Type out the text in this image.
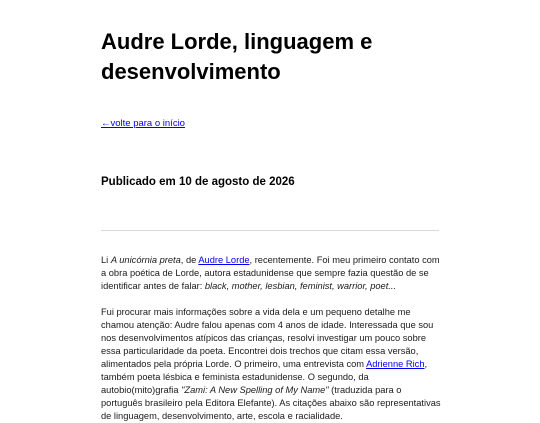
Audre Lorde, linguagem e desenvolvimento
←volte para o início

Publicado em 10 de agosto de 2026

Li A unicórnia preta, de Audre Lorde, recentemente. Foi meu primeiro contato com a obra poética de Lorde, autora estadunidense que sempre fazia questão de se identificar antes de falar: black, mother, lesbian, feminist, warrior, poet...

Fui procurar mais informações sobre a vida dela e um pequeno detalhe me chamou atenção: Audre falou apenas com 4 anos de idade. Interessada que sou nos desenvolvimentos atípicos das crianças, resolvi investigar um pouco sobre essa particularidade da poeta. Encontrei dois trechos que citam essa versão, alimentados pela própria Lorde. O primeiro, uma entrevista com Adrienne Rich, também poeta lésbica e feminista estadunidense. O segundo, da autobio(mito)grafia "Zami: A New Spelling of My Name" (traduzida para o português brasileiro pela Editora Elefante). As citações abaixo são representativas de linguagem, desenvolvimento, arte, escola e racialidade.
